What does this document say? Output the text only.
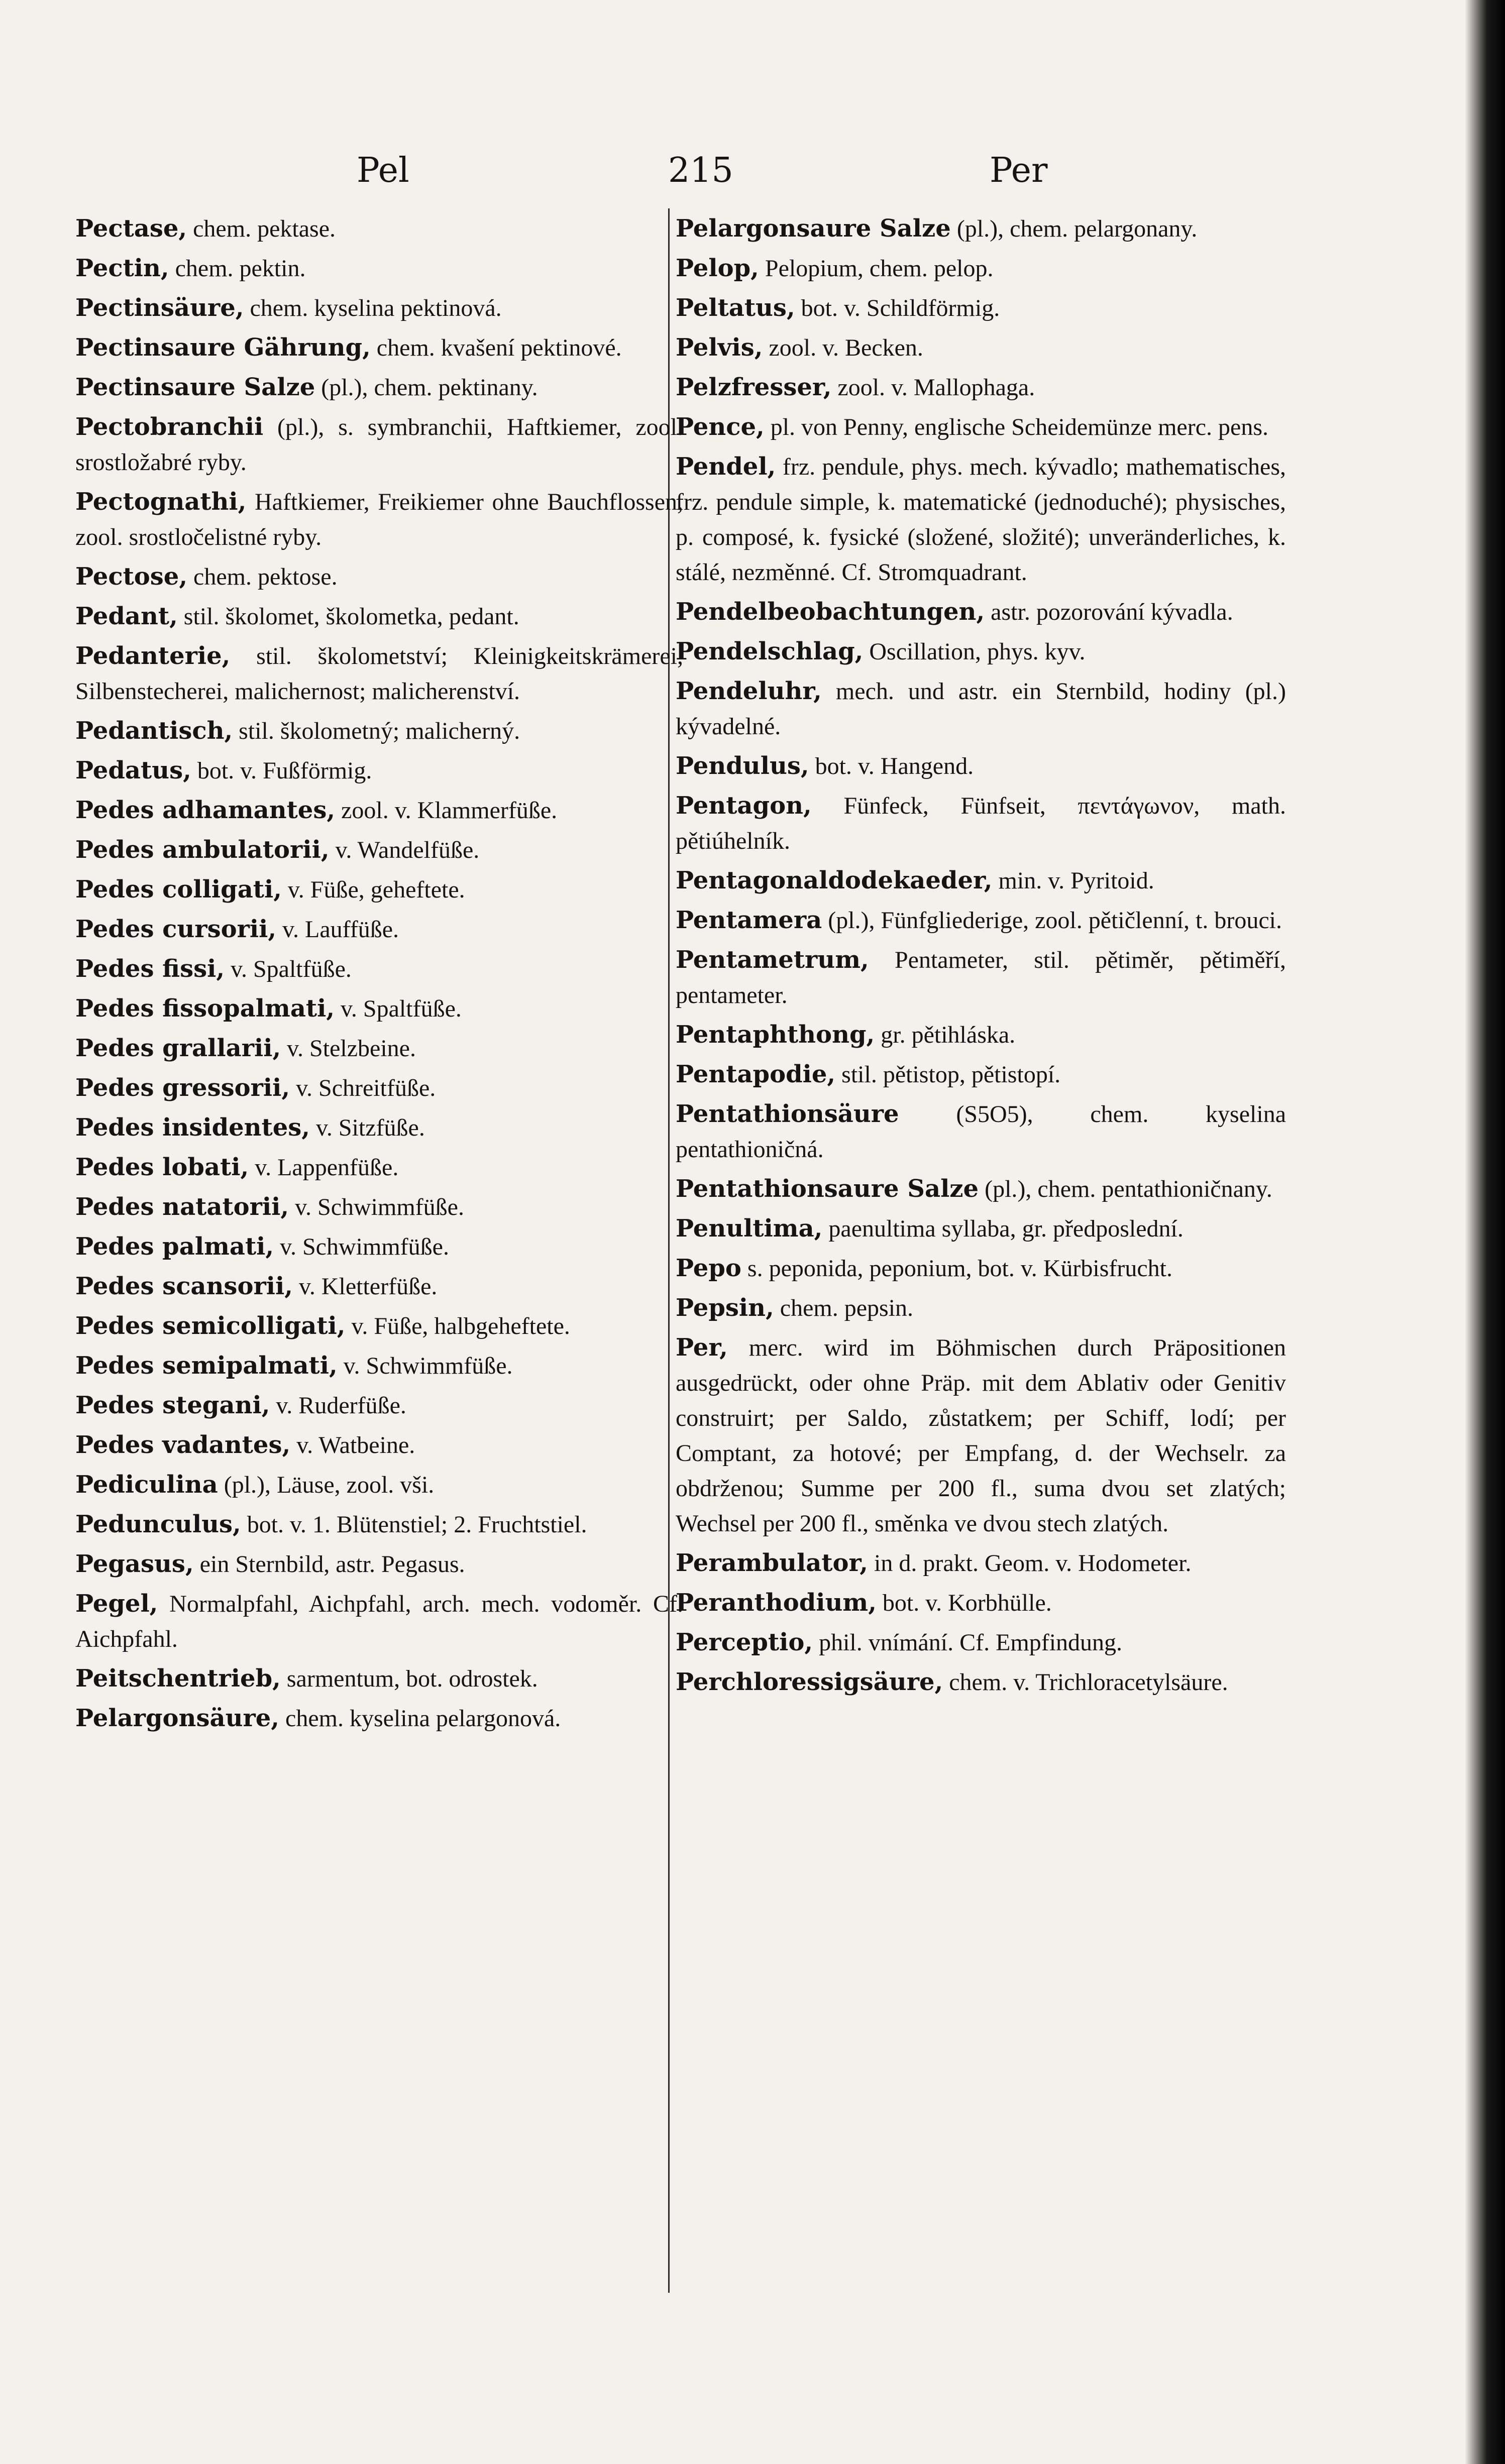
Pel	215	Per

Pectase, chem. pektase.

Pectin, chem. pektin.

Pectinsäure, chem. kyselina pektinová.

Pectinsaure Gährung, chem. kvašení pektinové.

Pectinsaure Salze (pl.), chem. pektinany.

Pectobranchii (pl.), s. symbranchii, Haftkiemer, zool. srostložabré ryby.

Pectognathi, Haftkiemer, Freikiemer ohne Bauchflossen, zool. srostločelistné ryby.

Pectose, chem. pektose.

Pedant, stil. školomet, školometka, pedant.

Pedanterie, stil. školometství; Kleinigkeitskrämerei, Silbenstecherei, malichernost; malicherenství.

Pedantisch, stil. školometný; malicherný.

Pedatus, bot. v. Fußförmig.

Pedes adhamantes, zool. v. Klammerfüße.

Pedes ambulatorii, v. Wandelfüße.

Pedes colligati, v. Füße, geheftete.

Pedes cursorii, v. Lauffüße.

Pedes fissi, v. Spaltfüße.

Pedes fissopalmati, v. Spaltfüße.

Pedes grallarii, v. Stelzbeine.

Pedes gressorii, v. Schreitfüße.

Pedes insidentes, v. Sitzfüße.

Pedes lobati, v. Lappenfüße.

Pedes natatorii, v. Schwimmfüße.

Pedes palmati, v. Schwimmfüße.

Pedes scansorii, v. Kletterfüße.

Pedes semicolligati, v. Füße, halbgeheftete.

Pedes semipalmati, v. Schwimmfüße.

Pedes stegani, v. Ruderfüße.

Pedes vadantes, v. Watbeine.

Pediculina (pl.), Läuse, zool. vši.

Pedunculus, bot. v. 1. Blütenstiel; 2. Fruchtstiel.

Pegasus, ein Sternbild, astr. Pegasus.

Pegel, Normalpfahl, Aichpfahl, arch. mech. vodoměr. Cf. Aichpfahl.

Peitschentrieb, sarmentum, bot. odrostek.

Pelargonsäure, chem. kyselina pelargonová.

Pelargonsaure Salze (pl.), chem. pelargonany.

Pelop, Pelopium, chem. pelop.

Peltatus, bot. v. Schildförmig.

Pelvis, zool. v. Becken.

Pelzfresser, zool. v. Mallophaga.

Pence, pl. von Penny, englische Scheidemünze merc. pens.

Pendel, frz. pendule, phys. mech. kývadlo; mathematisches, frz. pendule simple, k. matematické (jednoduché); physisches, p. composé, k. fysické (složené, složité); unveränderliches, k. stálé, nezměnné. Cf. Stromquadrant.

Pendelbeobachtungen, astr. pozorování kývadla.

Pendelschlag, Oscillation, phys. kyv.

Pendeluhr, mech. und astr. ein Sternbild, hodiny (pl.) kývadelné.

Pendulus, bot. v. Hangend.

Pentagon, Fünfeck, Fünfseit, πεντάγωνον, math. pětiúhelník.

Pentagonaldodekaeder, min. v. Pyritoid.

Pentamera (pl.), Fünfgliederige, zool. pětičlenní, t. brouci.

Pentametrum, Pentameter, stil. pětiměr, pětiměří, pentameter.

Pentaphthong, gr. pětihláska.

Pentapodie, stil. pětistop, pětistopí.

Pentathionsäure (S5O5), chem. kyselina pentathioničná.

Pentathionsaure Salze (pl.), chem. pentathioničnany.

Penultima, paenultima syllaba, gr. předposlední.

Pepo s. peponida, peponium, bot. v. Kürbisfrucht.

Pepsin, chem. pepsin.

Per, merc. wird im Böhmischen durch Präpositionen ausgedrückt, oder ohne Präp. mit dem Ablativ oder Genitiv construirt; per Saldo, zůstatkem; per Schiff, lodí; per Comptant, za hotové; per Empfang, d. der Wechselr. za obdrženou; Summe per 200 fl., suma dvou set zlatých; Wechsel per 200 fl., směnka ve dvou stech zlatých.

Perambulator, in d. prakt. Geom. v. Hodometer.

Peranthodium, bot. v. Korbhülle.

Perceptio, phil. vnímání. Cf. Empfindung.

Perchloressigsäure, chem. v. Trichloracetylsäure.
